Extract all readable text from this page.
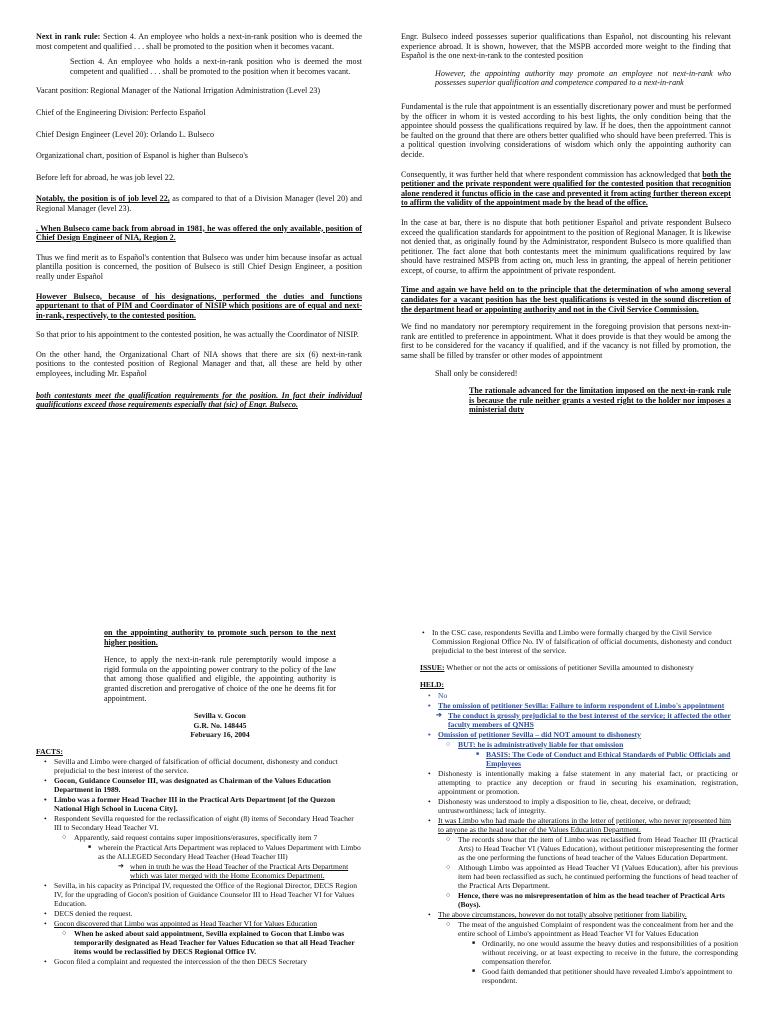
Next in rank rule: Section 4. An employee who holds a next-in-rank position who is deemed the most competent and qualified . . . shall be promoted to the position when it becomes vacant.

Section 4. An employee who holds a next-in-rank position who is deemed the most competent and qualified . . . shall be promoted to the position when it becomes vacant.

Vacant position: Regional Manager of the National Irrigation Administration (Level 23)

Chief of the Engineering Division: Perfecto Español

Chief Design Engineer (Level 20): Orlando L. Bulseco

Organizational chart, position of Espanol is higher than Bulseco's

Before left for abroad, he was job level 22.

Notably, the position is of job level 22, as compared to that of a Division Manager (level 20) and Regional Manager (level 23).

. When Bulseco came back from abroad in 1981, he was offered the only available, position of Chief Design Engineer of NIA, Region 2.

Thus we find merit as to Español's contention that Bulseco was under him because insofar as actual plantilla position is concerned, the position of Bulseco is still Chief Design Engineer, a position really under Español

However Bulseco, because of his designations, performed the duties and functions appurtenant to that of PIM and Coordinator of NISIP which positions are of equal and next-in-rank, respectively, to the contested position.

So that prior to his appointment to the contested position, he was actually the Coordinator of NISIP.

On the other hand, the Organizational Chart of NIA shows that there are six (6) next-in-rank positions to the contested position of Regional Manager and that, all these are held by other employees, including Mr. Español

both contestants meet the qualification requirements for the position. In fact their individual qualifications exceed those requirements especially that (sic) of Engr. Bulseco.

Engr. Bulseco indeed possesses superior qualifications than Español, not discounting his relevant experience abroad. It is shown, however, that the MSPB accorded more weight to the finding that Español is the one next-in-rank to the contested position

However, the appointing authority may promote an employee not next-in-rank who possesses superior qualification and competence compared to a next-in-rank

Fundamental is the rule that appointment is an essentially discretionary power and must be performed by the officer in whom it is vested according to his best lights, the only condition being that the appointee should possess the qualifications required by law. If he does, then the appointment cannot be faulted on the ground that there are others better qualified who should have been preferred. This is a political question involving considerations of wisdom which only the appointing authority can decide.

Consequently, it was further held that where respondent commission has acknowledged that both the petitioner and the private respondent were qualified for the contested position that recognition alone rendered it functus officio in the case and prevented it from acting further thereon except to affirm the validity of the appointment made by the head of the office.

In the case at bar, there is no dispute that both petitioner Español and private respondent Bulseco exceed the qualification standards for appointment to the position of Regional Manager. It is likewise not denied that, as originally found by the Administrator, respondent Bulseco is more qualified than petitioner. The fact alone that both contestants meet the minimum qualifications required by law should have restrained MSPB from acting on, much less in granting, the appeal of herein petitioner except, of course, to affirm the appointment of private respondent.

Time and again we have held on to the principle that the determination of who among several candidates for a vacant position has the best qualifications is vested in the sound discretion of the department head or appointing authority and not in the Civil Service Commission.

We find no mandatory nor peremptory requirement in the foregoing provision that persons next-in-rank are entitled to preference in appointment. What it does provide is that they would be among the first to be considered for the vacancy if qualified, and if the vacancy is not filled by promotion, the same shall be filled by transfer or other modes of appointment

Shall only be considered!

The rationale advanced for the limitation imposed on the next-in-rank rule is because the rule neither grants a vested right to the holder nor imposes a ministerial duty

on the appointing authority to promote such person to the next higher position.

Hence, to apply the next-in-rank rule peremptorily would impose a rigid formula on the appointing power contrary to the policy of the law that among those qualified and eligible, the appointing authority is granted discretion and prerogative of choice of the one he deems fit for appointment.

Sevilla v. Gocon
G.R. No. 148445
February 16, 2004
FACTS:
• Sevilla and Limbo were charged of falsification of official document, dishonesty and conduct prejudicial to the best interest of the service.
• Gocon, Guidance Counselor III, was designated as Chairman of the Values Education Department in 1989.
• Limbo was a former Head Teacher III in the Practical Arts Department [of the Quezon National High School in Lucena City].
• Respondent Sevilla requested for the reclassification of eight (8) items of Secondary Head Teacher III to Secondary Head Teacher VI.
○ Apparently, said request contains super impositions/erasures, specifically item 7
■ wherein the Practical Arts Department was replaced to Values Department with Limbo as the ALLEGED Secondary Head Teacher (Head Teacher III)
➔ when in truth he was the Head Teacher of the Practical Arts Department which was later merged with the Home Economics Department.
• Sevilla, in his capacity as Principal IV, requested the Office of the Regional Director, DECS Region IV, for the upgrading of Gocon's position of Guidance Counselor III to Head Teacher VI for Values Education.
• DECS denied the request.
• Gocon discovered that Limbo was appointed as Head Teacher VI for Values Education
○ When he asked about said appointment, Sevilla explained to Gocon that Limbo was temporarily designated as Head Teacher for Values Education so that all Head Teacher items would be reclassified by DECS Regional Office IV.
• Gocon filed a complaint and requested the intercession of the then DECS Secretary
• In the CSC case, respondents Sevilla and Limbo were formally charged by the Civil Service Commission Regional Office No. IV of falsification of official documents, dishonesty and conduct prejudicial to the best interest of the service.
ISSUE: Whether or not the acts or omissions of petitioner Sevilla amounted to dishonesty
HELD:
• No
• The omission of petitioner Sevilla: Failure to inform respondent of Limbo's appointment
➔ The conduct is grossly prejudicial to the best interest of the service; it affected the other faculty members of QNHS
• Omission of petitioner Sevilla – did NOT amount to dishonesty
○ BUT: he is administratively liable for that omission
■ BASIS: The Code of Conduct and Ethical Standards of Public Officials and Employees
• Dishonesty is intentionally making a false statement in any material fact, or practicing or attempting to practice any deception or fraud in securing his examination, registration, appointment or promotion.
• Dishonesty was understood to imply a disposition to lie, cheat, deceive, or defraud; untrustworthiness; lack of integrity.
• It was Limbo who had made the alterations in the letter of petitioner, who never represented him to anyone as the head teacher of the Values Education Department.
○ The records show that the item of Limbo was reclassified from Head Teacher III (Practical Arts) to Head Teacher VI (Values Education), without petitioner misrepresenting the former as the one performing the functions of head teacher of the Values Education Department.
○ Although Limbo was appointed as Head Teacher VI (Values Education), after his previous item had been reclassified as such, he continued performing the functions of head teacher of the Practical Arts Department.
○ Hence, there was no misrepresentation of him as the head teacher of Practical Arts (Boys).
• The above circumstances, however do not totally absolve petitioner from liability.
○ The meat of the anguished Complaint of respondent was the concealment from her and the entire school of Limbo's appointment as Head Teacher VI for Values Education
■ Ordinarily, no one would assume the heavy duties and responsibilities of a position without receiving, or at least expecting to receive in the future, the corresponding compensation therefor.
■ Good faith demanded that petitioner should have revealed Limbo's appointment to respondent.
